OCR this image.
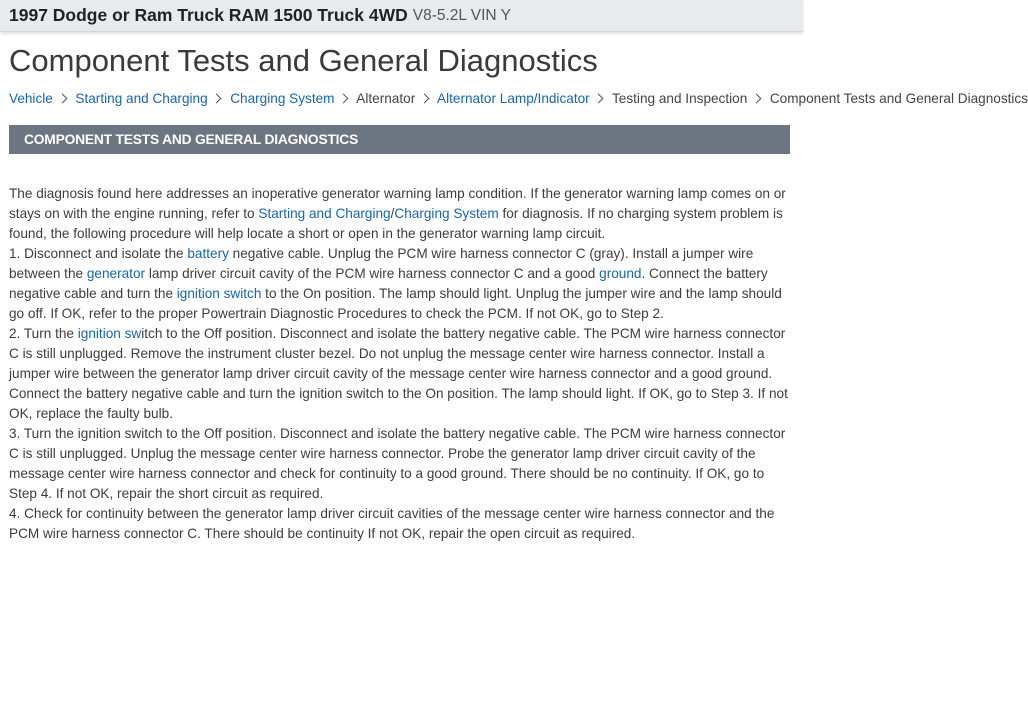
1997 Dodge or Ram Truck RAM 1500 Truck 4WD V8-5.2L VIN Y
Component Tests and General Diagnostics
Vehicle Starting and Charging Charging System Alternator Alternator Lamp/Indicator Testing and Inspection Component Tests and General Diagnostics
COMPONENT TESTS AND GENERAL DIAGNOSTICS

The diagnosis found here addresses an inoperative generator warning lamp condition. If the generator warning lamp comes on or stays on with the engine running, refer to Starting and Charging/Charging System for diagnosis. If no charging system problem is found, the following procedure will help locate a short or open in the generator warning lamp circuit.

1. Disconnect and isolate the battery negative cable. Unplug the PCM wire harness connector C (gray). Install a jumper wire between the generator lamp driver circuit cavity of the PCM wire harness connector C and a good ground. Connect the battery negative cable and turn the ignition switch to the On position. The lamp should light. Unplug the jumper wire and the lamp should go off. If OK, refer to the proper Powertrain Diagnostic Procedures to check the PCM. If not OK, go to Step 2.

2. Turn the ignition switch to the Off position. Disconnect and isolate the battery negative cable. The PCM wire harness connector C is still unplugged. Remove the instrument cluster bezel. Do not unplug the message center wire harness connector. Install a jumper wire between the generator lamp driver circuit cavity of the message center wire harness connector and a good ground. Connect the battery negative cable and turn the ignition switch to the On position. The lamp should light. If OK, go to Step 3. If not OK, replace the faulty bulb.

3. Turn the ignition switch to the Off position. Disconnect and isolate the battery negative cable. The PCM wire harness connector C is still unplugged. Unplug the message center wire harness connector. Probe the generator lamp driver circuit cavity of the message center wire harness connector and check for continuity to a good ground. There should be no continuity. If OK, go to Step 4. If not OK, repair the short circuit as required.

4. Check for continuity between the generator lamp driver circuit cavities of the message center wire harness connector and the PCM wire harness connector C. There should be continuity If not OK, repair the open circuit as required.
